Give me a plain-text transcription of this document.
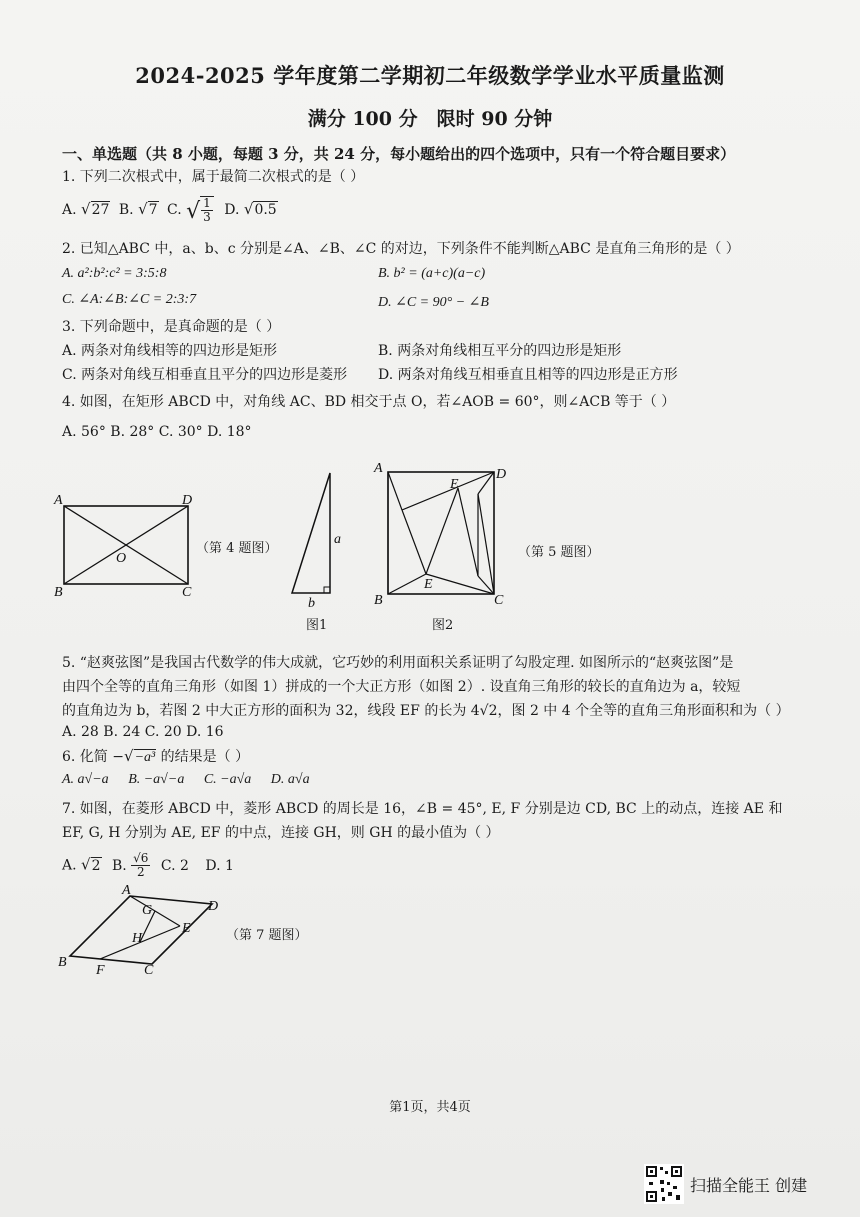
2024-2025 学年度第二学期初二年级数学学业水平质量监测
满分 100 分　限时 90 分钟
一、单选题（共 8 小题，每题 3 分，共 24 分，每小题给出的四个选项中，只有一个符合题目要求）
1. 下列二次根式中，属于最简二次根式的是（ ）
A. √27 B. √7 C. √ $\frac{1}{3} D$. √0.5
2. 已知△ABC 中，a、b、c 分别是∠A、∠B、∠C 的对边，下列条件不能判断△ABC 是直角三角形的是（ ）
A. a²:b²:c² = 3:5:8	B. b² = (a+c)(a−c)
C. ∠A:∠B:∠C = 2:3:7	D. ∠C = 90° − ∠B
3. 下列命题中，是真命题的是（ ）
A. 两条对角线相等的四边形是矩形	B. 两条对角线相互平分的四边形是矩形
C. 两条对角线互相垂直且平分的四边形是菱形 D. 两条对角线互相垂直且相等的四边形是正方形
4. 如图，在矩形 ABCD 中，对角线 AC、BD 相交于点 O，若∠AOB = 60°，则∠ACB 等于（ ）
A. 56° B. 28° C. 30° D. 18°
A	D
B	C
O
（第 4 题图）
a
b
图1
A	D
B	C
E
E
图2
（第 5 题图）
5. “赵爽弦图”是我国古代数学的伟大成就，它巧妙的利用面积关系证明了勾股定理. 如图所示的“赵爽弦图”是
由四个全等的直角三角形（如图 1）拼成的一个大正方形（如图 2）. 设直角三角形的较长的直角边为 a，较短
的直角边为 b，若图 2 中大正方形的面积为 32，线段 EF 的长为 4√2，图 2 中 4 个全等的直角三角形面积和为（ ）
A. 28 B. 24 C. 20 D. 16
6. 化简 −√−a³ 的结果是（ ）
A. a√−a B. −a√−a C. −a√a D. a√a
7. 如图，在菱形 ABCD 中，菱形 ABCD 的周长是 16，∠B = 45°, E, F 分别是边 CD, BC 上的动点，连接 AE 和
EF, G, H 分别为 AE, EF 的中点，连接 GH，则 GH 的最小值为（ ）
A. √2 B. $\frac{√6}{2} C$. 2 D. 1
A
D
B
C
E
F
G
H	（第 7 题图）
第1页，共4页
扫描全能王 创建
